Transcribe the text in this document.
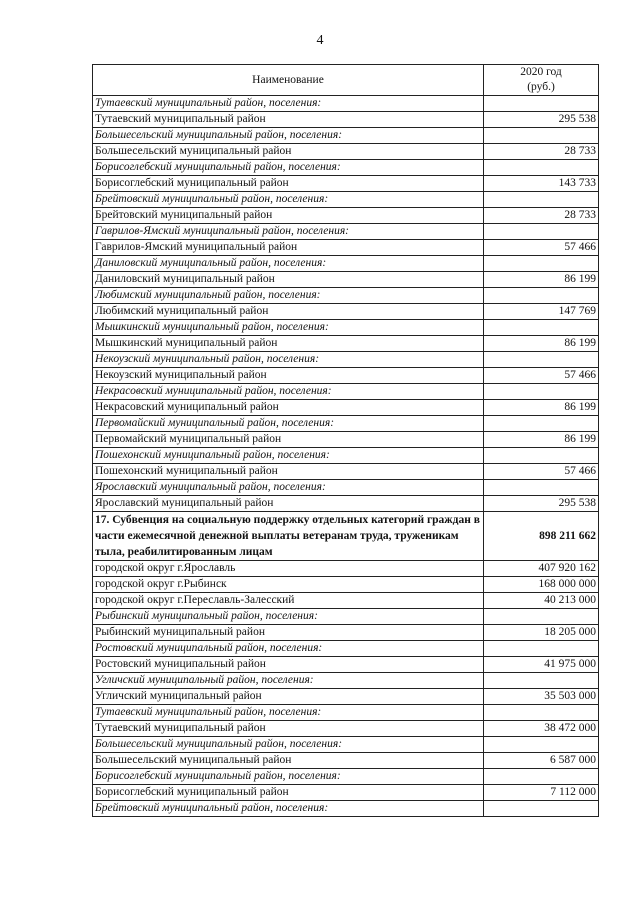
4
Наименование	2020 год
(руб.)

Тутаевский муниципальный район, поселения:	
Тутаевский муниципальный район	295 538
Большесельский муниципальный район, поселения:	
Большесельский муниципальный район	28 733
Борисоглебский муниципальный район, поселения:	
Борисоглебский муниципальный район	143 733
Брейтовский муниципальный район, поселения:	
Брейтовский муниципальный район	28 733
Гаврилов-Ямский муниципальный район, поселения:	
Гаврилов-Ямский муниципальный район	57 466
Даниловский муниципальный район, поселения:	
Даниловский муниципальный район	86 199
Любимский муниципальный район, поселения:	
Любимский муниципальный район	147 769
Мышкинский муниципальный район, поселения:	
Мышкинский муниципальный район	86 199
Некоузский муниципальный район, поселения:	
Некоузский муниципальный район	57 466
Некрасовский муниципальный район, поселения:	
Некрасовский муниципальный район	86 199
Первомайский муниципальный район, поселения:	
Первомайский муниципальный район	86 199
Пошехонский муниципальный район, поселения:	
Пошехонский муниципальный район	57 466
Ярославский муниципальный район, поселения:	
Ярославский муниципальный район	295 538
17. Субвенция на социальную поддержку отдельных категорий граждан в части ежемесячной денежной выплаты ветеранам труда, труженикам тыла, реабилитированным лицам	898 211 662
городской округ г.Ярославль	407 920 162
городской округ г.Рыбинск	168 000 000
городской округ г.Переславль-Залесский	40 213 000
Рыбинский муниципальный район, поселения:	
Рыбинский муниципальный район	18 205 000
Ростовский муниципальный район, поселения:	
Ростовский муниципальный район	41 975 000
Угличский муниципальный район, поселения:	
Угличский муниципальный район	35 503 000
Тутаевский муниципальный район, поселения:	
Тутаевский муниципальный район	38 472 000
Большесельский муниципальный район, поселения:	
Большесельский муниципальный район	6 587 000
Борисоглебский муниципальный район, поселения:	
Борисоглебский муниципальный район	7 112 000
Брейтовский муниципальный район, поселения:	
